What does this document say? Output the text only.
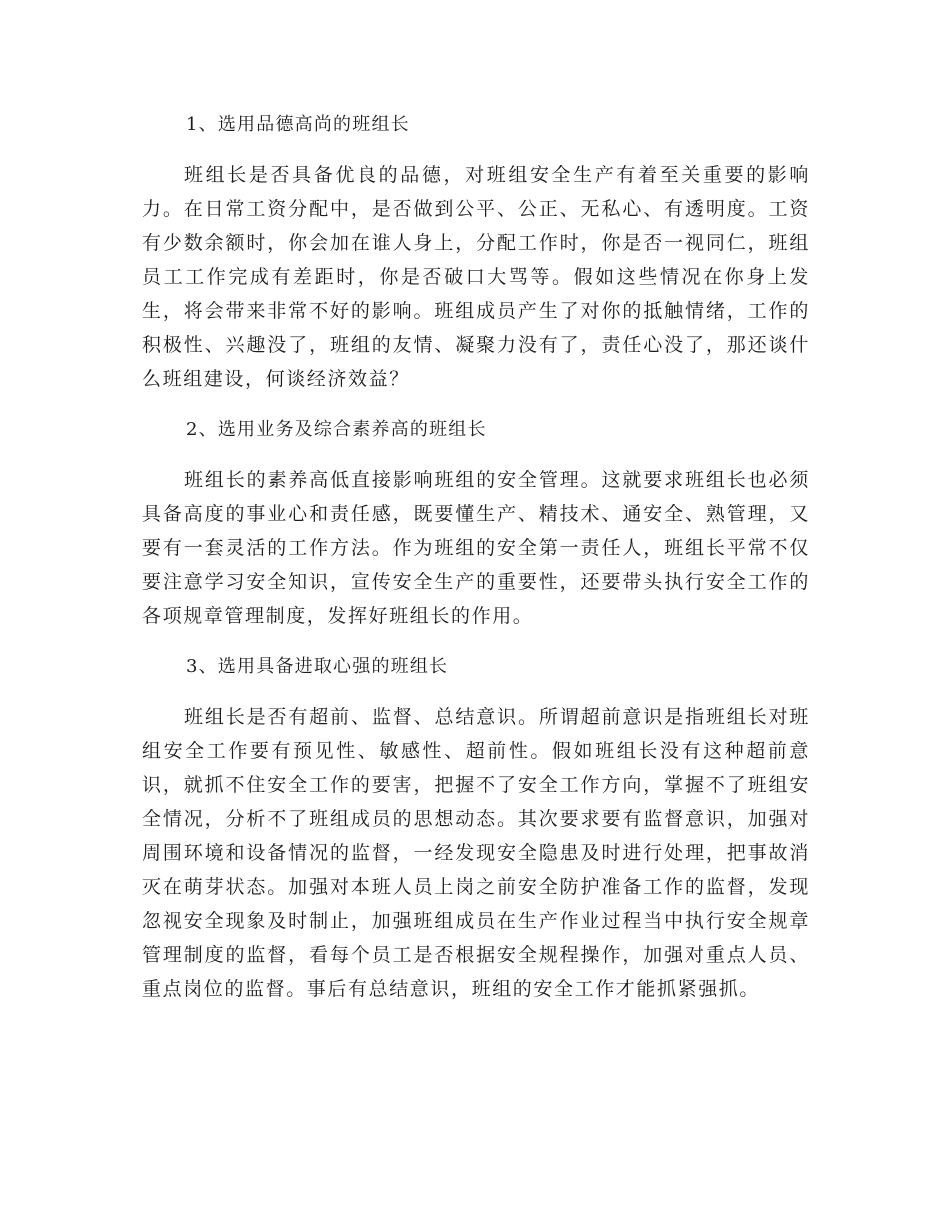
1、选用品德高尚的班组长

班组长是否具备优良的品德，对班组安全生产有着至关重要的影响力。在日常工资分配中，是否做到公平、公正、无私心、有透明度。工资有少数余额时，你会加在谁人身上，分配工作时，你是否一视同仁，班组员工工作完成有差距时，你是否破口大骂等。假如这些情况在你身上发生，将会带来非常不好的影响。班组成员产生了对你的抵触情绪，工作的积极性、兴趣没了，班组的友情、凝聚力没有了，责任心没了，那还谈什么班组建设，何谈经济效益？

2、选用业务及综合素养高的班组长

班组长的素养高低直接影响班组的安全管理。这就要求班组长也必须具备高度的事业心和责任感，既要懂生产、精技术、通安全、熟管理，又要有一套灵活的工作方法。作为班组的安全第一责任人，班组长平常不仅要注意学习安全知识，宣传安全生产的重要性，还要带头执行安全工作的各项规章管理制度，发挥好班组长的作用。

3、选用具备进取心强的班组长

班组长是否有超前、监督、总结意识。所谓超前意识是指班组长对班组安全工作要有预见性、敏感性、超前性。假如班组长没有这种超前意识，就抓不住安全工作的要害，把握不了安全工作方向，掌握不了班组安全情况，分析不了班组成员的思想动态。其次要求要有监督意识，加强对周围环境和设备情况的监督，一经发现安全隐患及时进行处理，把事故消灭在萌芽状态。加强对本班人员上岗之前安全防护准备工作的监督，发现忽视安全现象及时制止，加强班组成员在生产作业过程当中执行安全规章管理制度的监督，看每个员工是否根据安全规程操作，加强对重点人员、重点岗位的监督。事后有总结意识，班组的安全工作才能抓紧强抓。
